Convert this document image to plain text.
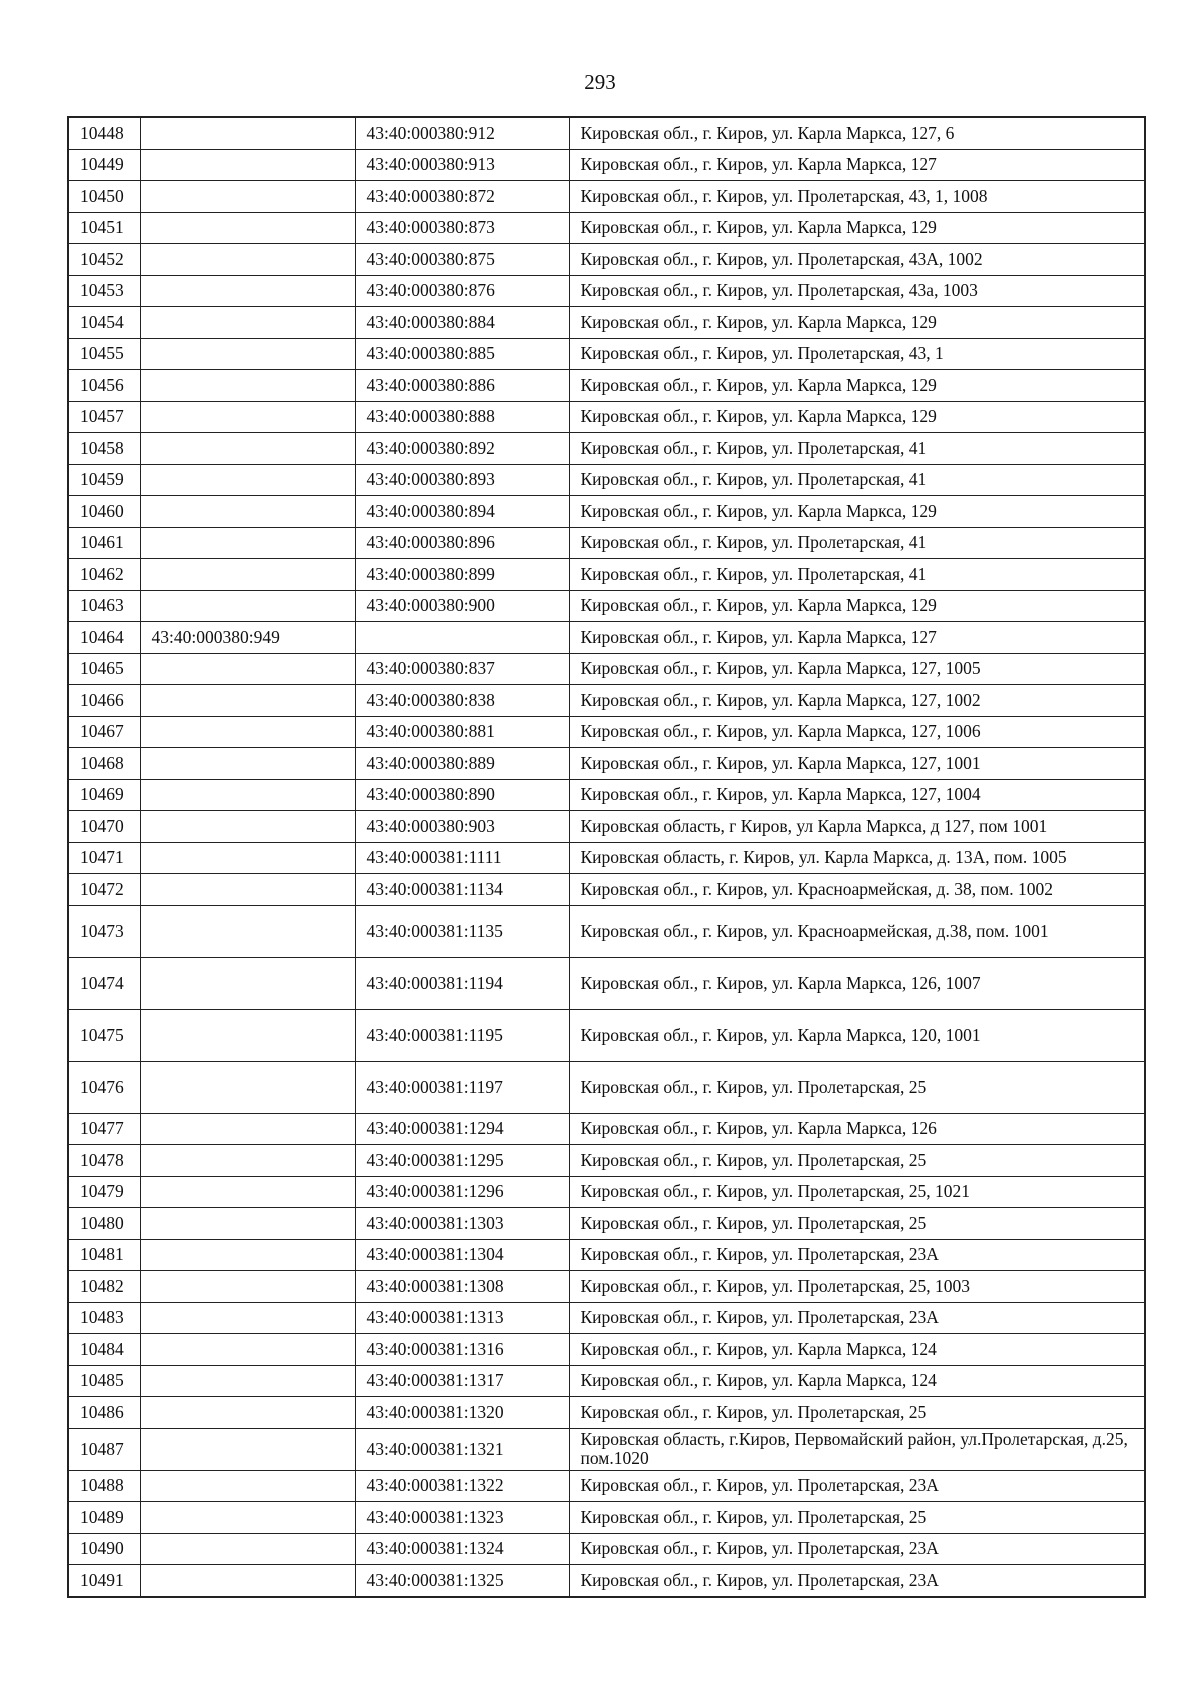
293
10448		43:40:000380:912	Кировская обл., г. Киров, ул. Карла Маркса, 127, 6
10449		43:40:000380:913	Кировская обл., г. Киров, ул. Карла Маркса, 127
10450		43:40:000380:872	Кировская обл., г. Киров, ул. Пролетарская, 43, 1, 1008
10451		43:40:000380:873	Кировская обл., г. Киров, ул. Карла Маркса, 129
10452		43:40:000380:875	Кировская обл., г. Киров, ул. Пролетарская, 43А, 1002
10453		43:40:000380:876	Кировская обл., г. Киров, ул. Пролетарская, 43а, 1003
10454		43:40:000380:884	Кировская обл., г. Киров, ул. Карла Маркса, 129
10455		43:40:000380:885	Кировская обл., г. Киров, ул. Пролетарская, 43, 1
10456		43:40:000380:886	Кировская обл., г. Киров, ул. Карла Маркса, 129
10457		43:40:000380:888	Кировская обл., г. Киров, ул. Карла Маркса, 129
10458		43:40:000380:892	Кировская обл., г. Киров, ул. Пролетарская, 41
10459		43:40:000380:893	Кировская обл., г. Киров, ул. Пролетарская, 41
10460		43:40:000380:894	Кировская обл., г. Киров, ул. Карла Маркса, 129
10461		43:40:000380:896	Кировская обл., г. Киров, ул. Пролетарская, 41
10462		43:40:000380:899	Кировская обл., г. Киров, ул. Пролетарская, 41
10463		43:40:000380:900	Кировская обл., г. Киров, ул. Карла Маркса, 129
10464	43:40:000380:949		Кировская обл., г. Киров, ул. Карла Маркса, 127
10465		43:40:000380:837	Кировская обл., г. Киров, ул. Карла Маркса, 127, 1005
10466		43:40:000380:838	Кировская обл., г. Киров, ул. Карла Маркса, 127, 1002
10467		43:40:000380:881	Кировская обл., г. Киров, ул. Карла Маркса, 127, 1006
10468		43:40:000380:889	Кировская обл., г. Киров, ул. Карла Маркса, 127, 1001
10469		43:40:000380:890	Кировская обл., г. Киров, ул. Карла Маркса, 127, 1004
10470		43:40:000380:903	Кировская область, г Киров, ул Карла Маркса, д 127, пом 1001
10471		43:40:000381:1111	Кировская область, г. Киров, ул. Карла Маркса, д. 13А, пом. 1005
10472		43:40:000381:1134	Кировская обл., г. Киров, ул. Красноармейская, д. 38, пом. 1002
10473		43:40:000381:1135	Кировская обл., г. Киров, ул. Красноармейская, д.38, пом. 1001
10474		43:40:000381:1194	Кировская обл., г. Киров, ул. Карла Маркса, 126, 1007
10475		43:40:000381:1195	Кировская обл., г. Киров, ул. Карла Маркса, 120, 1001
10476		43:40:000381:1197	Кировская обл., г. Киров, ул. Пролетарская, 25
10477		43:40:000381:1294	Кировская обл., г. Киров, ул. Карла Маркса, 126
10478		43:40:000381:1295	Кировская обл., г. Киров, ул. Пролетарская, 25
10479		43:40:000381:1296	Кировская обл., г. Киров, ул. Пролетарская, 25, 1021
10480		43:40:000381:1303	Кировская обл., г. Киров, ул. Пролетарская, 25
10481		43:40:000381:1304	Кировская обл., г. Киров, ул. Пролетарская, 23А
10482		43:40:000381:1308	Кировская обл., г. Киров, ул. Пролетарская, 25, 1003
10483		43:40:000381:1313	Кировская обл., г. Киров, ул. Пролетарская, 23А
10484		43:40:000381:1316	Кировская обл., г. Киров, ул. Карла Маркса, 124
10485		43:40:000381:1317	Кировская обл., г. Киров, ул. Карла Маркса, 124
10486		43:40:000381:1320	Кировская обл., г. Киров, ул. Пролетарская, 25
10487		43:40:000381:1321	Кировская область, г.Киров, Первомайский район, ул.Пролетарская, д.25, пом.1020
10488		43:40:000381:1322	Кировская обл., г. Киров, ул. Пролетарская, 23А
10489		43:40:000381:1323	Кировская обл., г. Киров, ул. Пролетарская, 25
10490		43:40:000381:1324	Кировская обл., г. Киров, ул. Пролетарская, 23А
10491		43:40:000381:1325	Кировская обл., г. Киров, ул. Пролетарская, 23А
